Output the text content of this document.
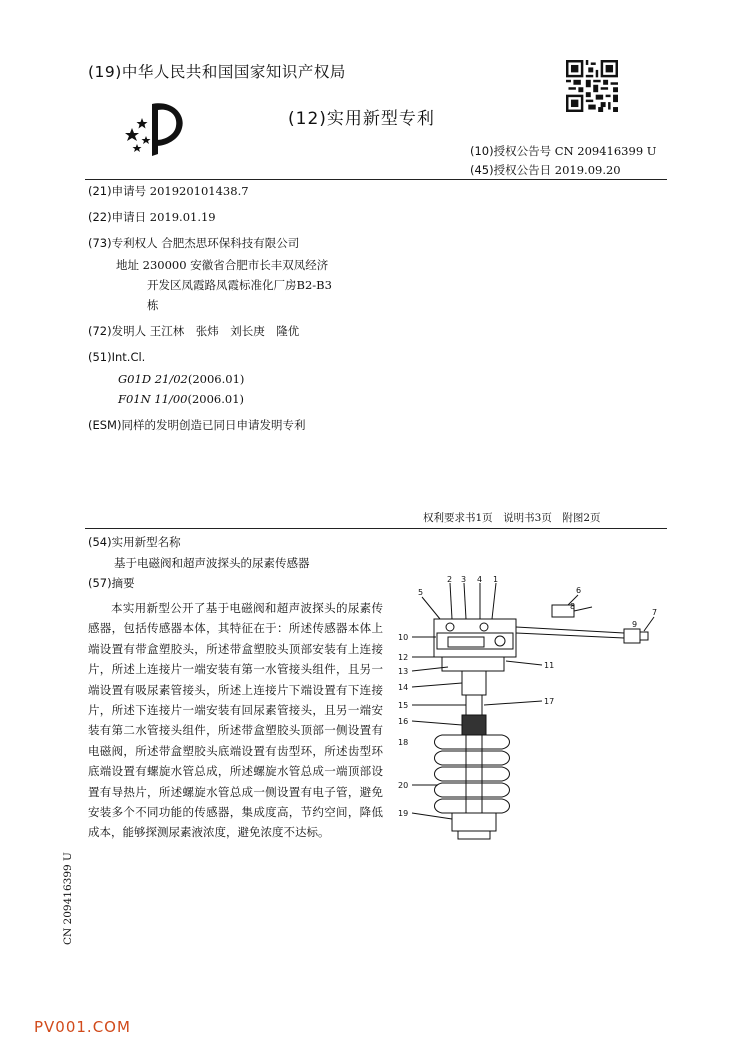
(19)中华人民共和国国家知识产权局
(12)实用新型专利
(10)授权公告号 CN 209416399 U
(45)授权公告日 2019.09.20
(21)申请号 201920101438.7
(22)申请日 2019.01.19
(73)专利权人 合肥杰思环保科技有限公司
地址 230000 安徽省合肥市长丰双凤经济
开发区凤霞路凤霞标准化厂房B2-B3
栋
(72)发明人 王江林　张炜　刘长庚　隆优
(51)Int.Cl.
G01D 21/02(2006.01)
F01N 11/00(2006.01)
(ESM)同样的发明创造已同日申请发明专利
权利要求书1页　说明书3页　附图2页
(54)实用新型名称
基于电磁阀和超声波探头的尿素传感器
(57)摘要
本实用新型公开了基于电磁阀和超声波探头的尿素传感器，包括传感器本体，其特征在于：所述传感器本体上端设置有带盒塑胶头，所述带盒塑胶头顶部安装有上连接片，所述上连接片一端安装有第一水管接头组件，且另一端设置有吸尿素管接头，所述上连接片下端设置有下连接片，所述下连接片一端安装有回尿素管接头，且另一端安装有第二水管接头组件，所述带盒塑胶头顶部一侧设置有电磁阀，所述带盒塑胶头底端设置有齿型环，所述齿型环底端设置有螺旋水管总成，所述螺旋水管总成一端顶部设置有导热片，所述螺旋水管总成一侧设置有电子管，避免安装多个不同功能的传感器，集成度高，节约空间，降低成本，能够探测尿素液浓度，避免浓度不达标。
5
2 3 4 1
6
8
7
9
10
12
13
14
15
16
11
17
18
20
19
CN 209416399 U
PV001.COM
